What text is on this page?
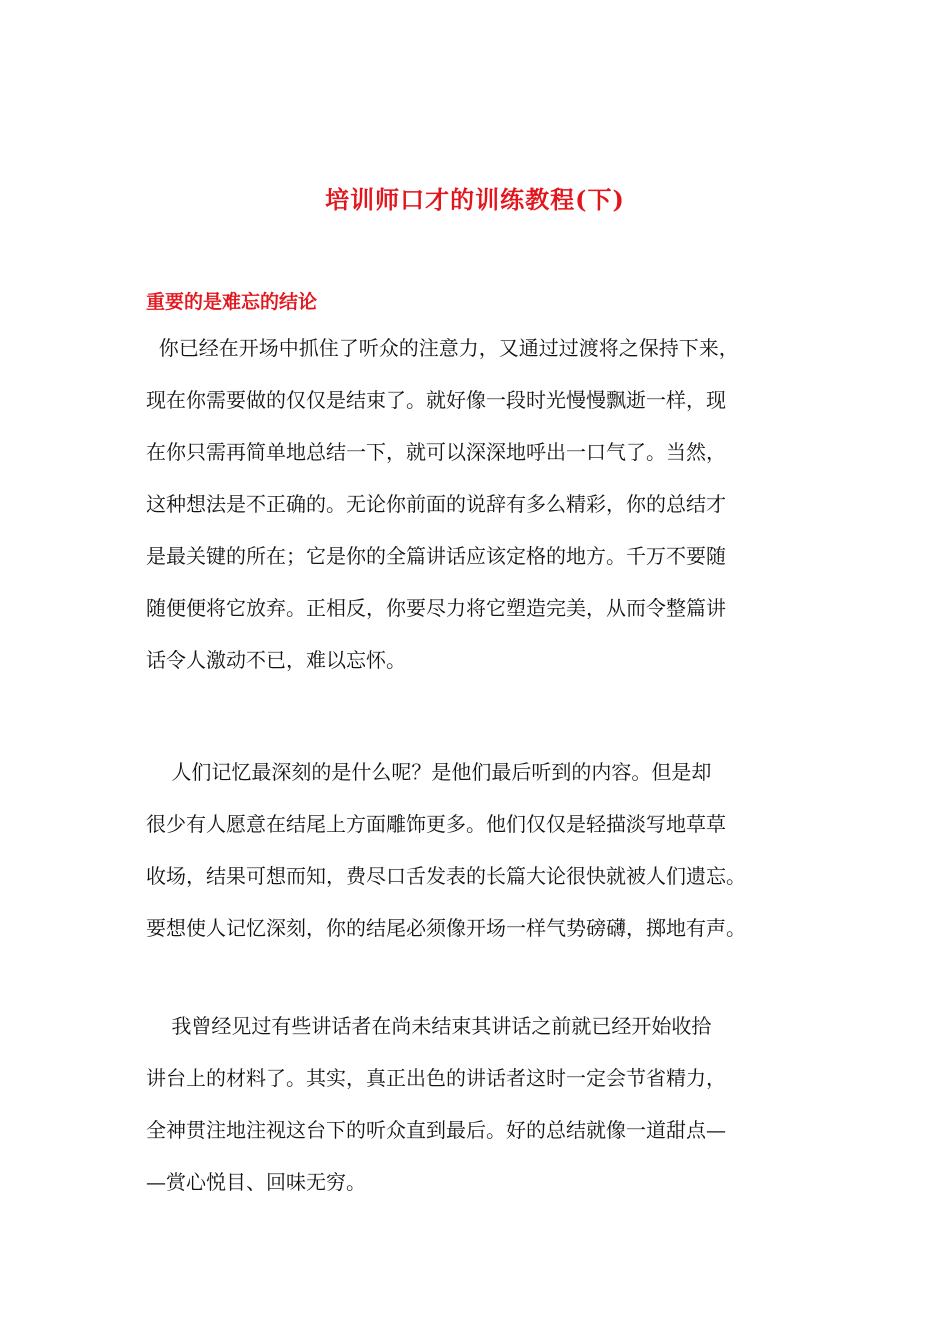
培训师口才的训练教程(下)
重要的是难忘的结论
你已经在开场中抓住了听众的注意力，又通过过渡将之保持下来，
现在你需要做的仅仅是结束了。就好像一段时光慢慢飘逝一样，现
在你只需再简单地总结一下，就可以深深地呼出一口气了。当然，
这种想法是不正确的。无论你前面的说辞有多么精彩，你的总结才
是最关键的所在；它是你的全篇讲话应该定格的地方。千万不要随
随便便将它放弃。正相反，你要尽力将它塑造完美，从而令整篇讲
话令人激动不已，难以忘怀。
人们记忆最深刻的是什么呢？是他们最后听到的内容。但是却
很少有人愿意在结尾上方面雕饰更多。他们仅仅是轻描淡写地草草
收场，结果可想而知，费尽口舌发表的长篇大论很快就被人们遗忘。
要想使人记忆深刻，你的结尾必须像开场一样气势磅礴，掷地有声。
我曾经见过有些讲话者在尚未结束其讲话之前就已经开始收拾
讲台上的材料了。其实，真正出色的讲话者这时一定会节省精力，
全神贯注地注视这台下的听众直到最后。好的总结就像一道甜点—
—赏心悦目、回味无穷。
